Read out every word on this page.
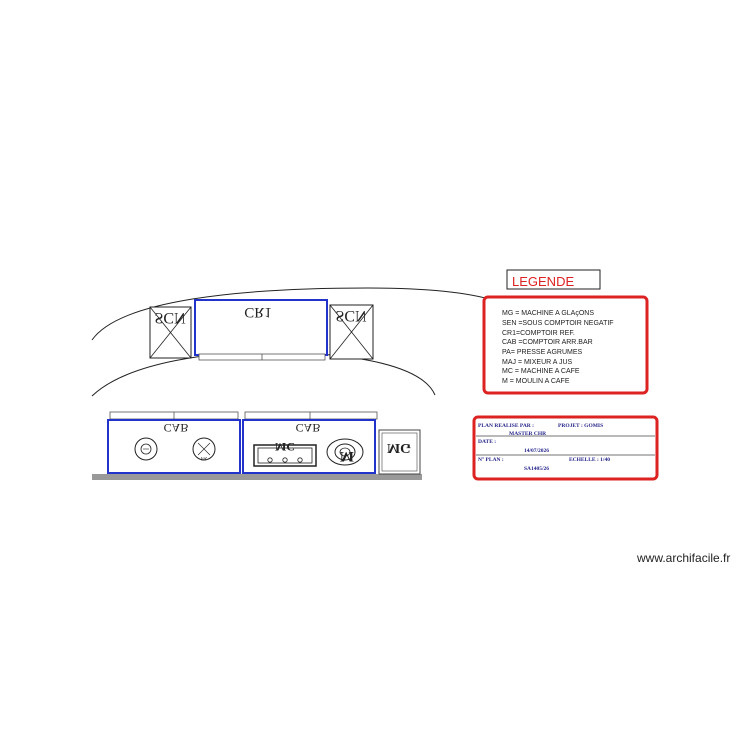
SCN	CR1	SCN
CAB
PA
CAB
MC
M
MG
LEGENDE
MG = MACHINE A GLAçONS
SEN =SOUS COMPTOIR NEGATIF
CR1=COMPTOIR REF.
CAB =COMPTOIR ARR.BAR
PA= PRESSE AGRUMES
MAJ = MIXEUR A JUS
MC = MACHINE A CAFE
M = MOULIN A CAFE
PLAN REALISE PAR :	PROJET : GOMIS
MASTER CHR
DATE :
14/07/2026
N° PLAN :	ECHELLE : 1/40
SA1405/26
www.archifacile.fr
